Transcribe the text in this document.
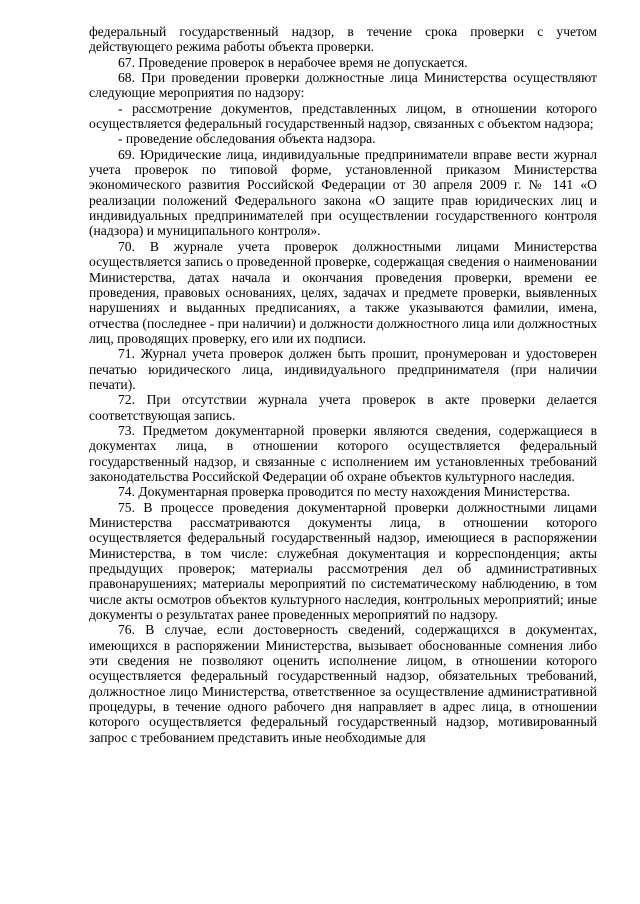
федеральный государственный надзор, в течение срока проверки с учетом действующего режима работы объекта проверки.

67. Проведение проверок в нерабочее время не допускается.

68. При проведении проверки должностные лица Министерства осуществляют следующие мероприятия по надзору:

- рассмотрение документов, представленных лицом, в отношении которого осуществляется федеральный государственный надзор, связанных с объектом надзора;

- проведение обследования объекта надзора.

69. Юридические лица, индивидуальные предприниматели вправе вести журнал учета проверок по типовой форме, установленной приказом Министерства экономического развития Российской Федерации от 30 апреля 2009 г. № 141 «О реализации положений Федерального закона «О защите прав юридических лиц и индивидуальных предпринимателей при осуществлении государственного контроля (надзора) и муниципального контроля».

70. В журнале учета проверок должностными лицами Министерства осуществляется запись о проведенной проверке, содержащая сведения о наименовании Министерства, датах начала и окончания проведения проверки, времени ее проведения, правовых основаниях, целях, задачах и предмете проверки, выявленных нарушениях и выданных предписаниях, а также указываются фамилии, имена, отчества (последнее - при наличии) и должности должностного лица или должностных лиц, проводящих проверку, его или их подписи.

71. Журнал учета проверок должен быть прошит, пронумерован и удостоверен печатью юридического лица, индивидуального предпринимателя (при наличии печати).

72. При отсутствии журнала учета проверок в акте проверки делается соответствующая запись.

73. Предметом документарной проверки являются сведения, содержащиеся в документах лица, в отношении которого осуществляется федеральный государственный надзор, и связанные с исполнением им установленных требований законодательства Российской Федерации об охране объектов культурного наследия.

74. Документарная проверка проводится по месту нахождения Министерства.

75. В процессе проведения документарной проверки должностными лицами Министерства рассматриваются документы лица, в отношении которого осуществляется федеральный государственный надзор, имеющиеся в распоряжении Министерства, в том числе: служебная документация и корреспонденция; акты предыдущих проверок; материалы рассмотрения дел об административных правонарушениях; материалы мероприятий по систематическому наблюдению, в том числе акты осмотров объектов культурного наследия, контрольных мероприятий; иные документы о результатах ранее проведенных мероприятий по надзору.

76. В случае, если достоверность сведений, содержащихся в документах, имеющихся в распоряжении Министерства, вызывает обоснованные сомнения либо эти сведения не позволяют оценить исполнение лицом, в отношении которого осуществляется федеральный государственный надзор, обязательных требований, должностное лицо Министерства, ответственное за осуществление административной процедуры, в течение одного рабочего дня направляет в адрес лица, в отношении которого осуществляется федеральный государственный надзор, мотивированный запрос с требованием представить иные необходимые для
